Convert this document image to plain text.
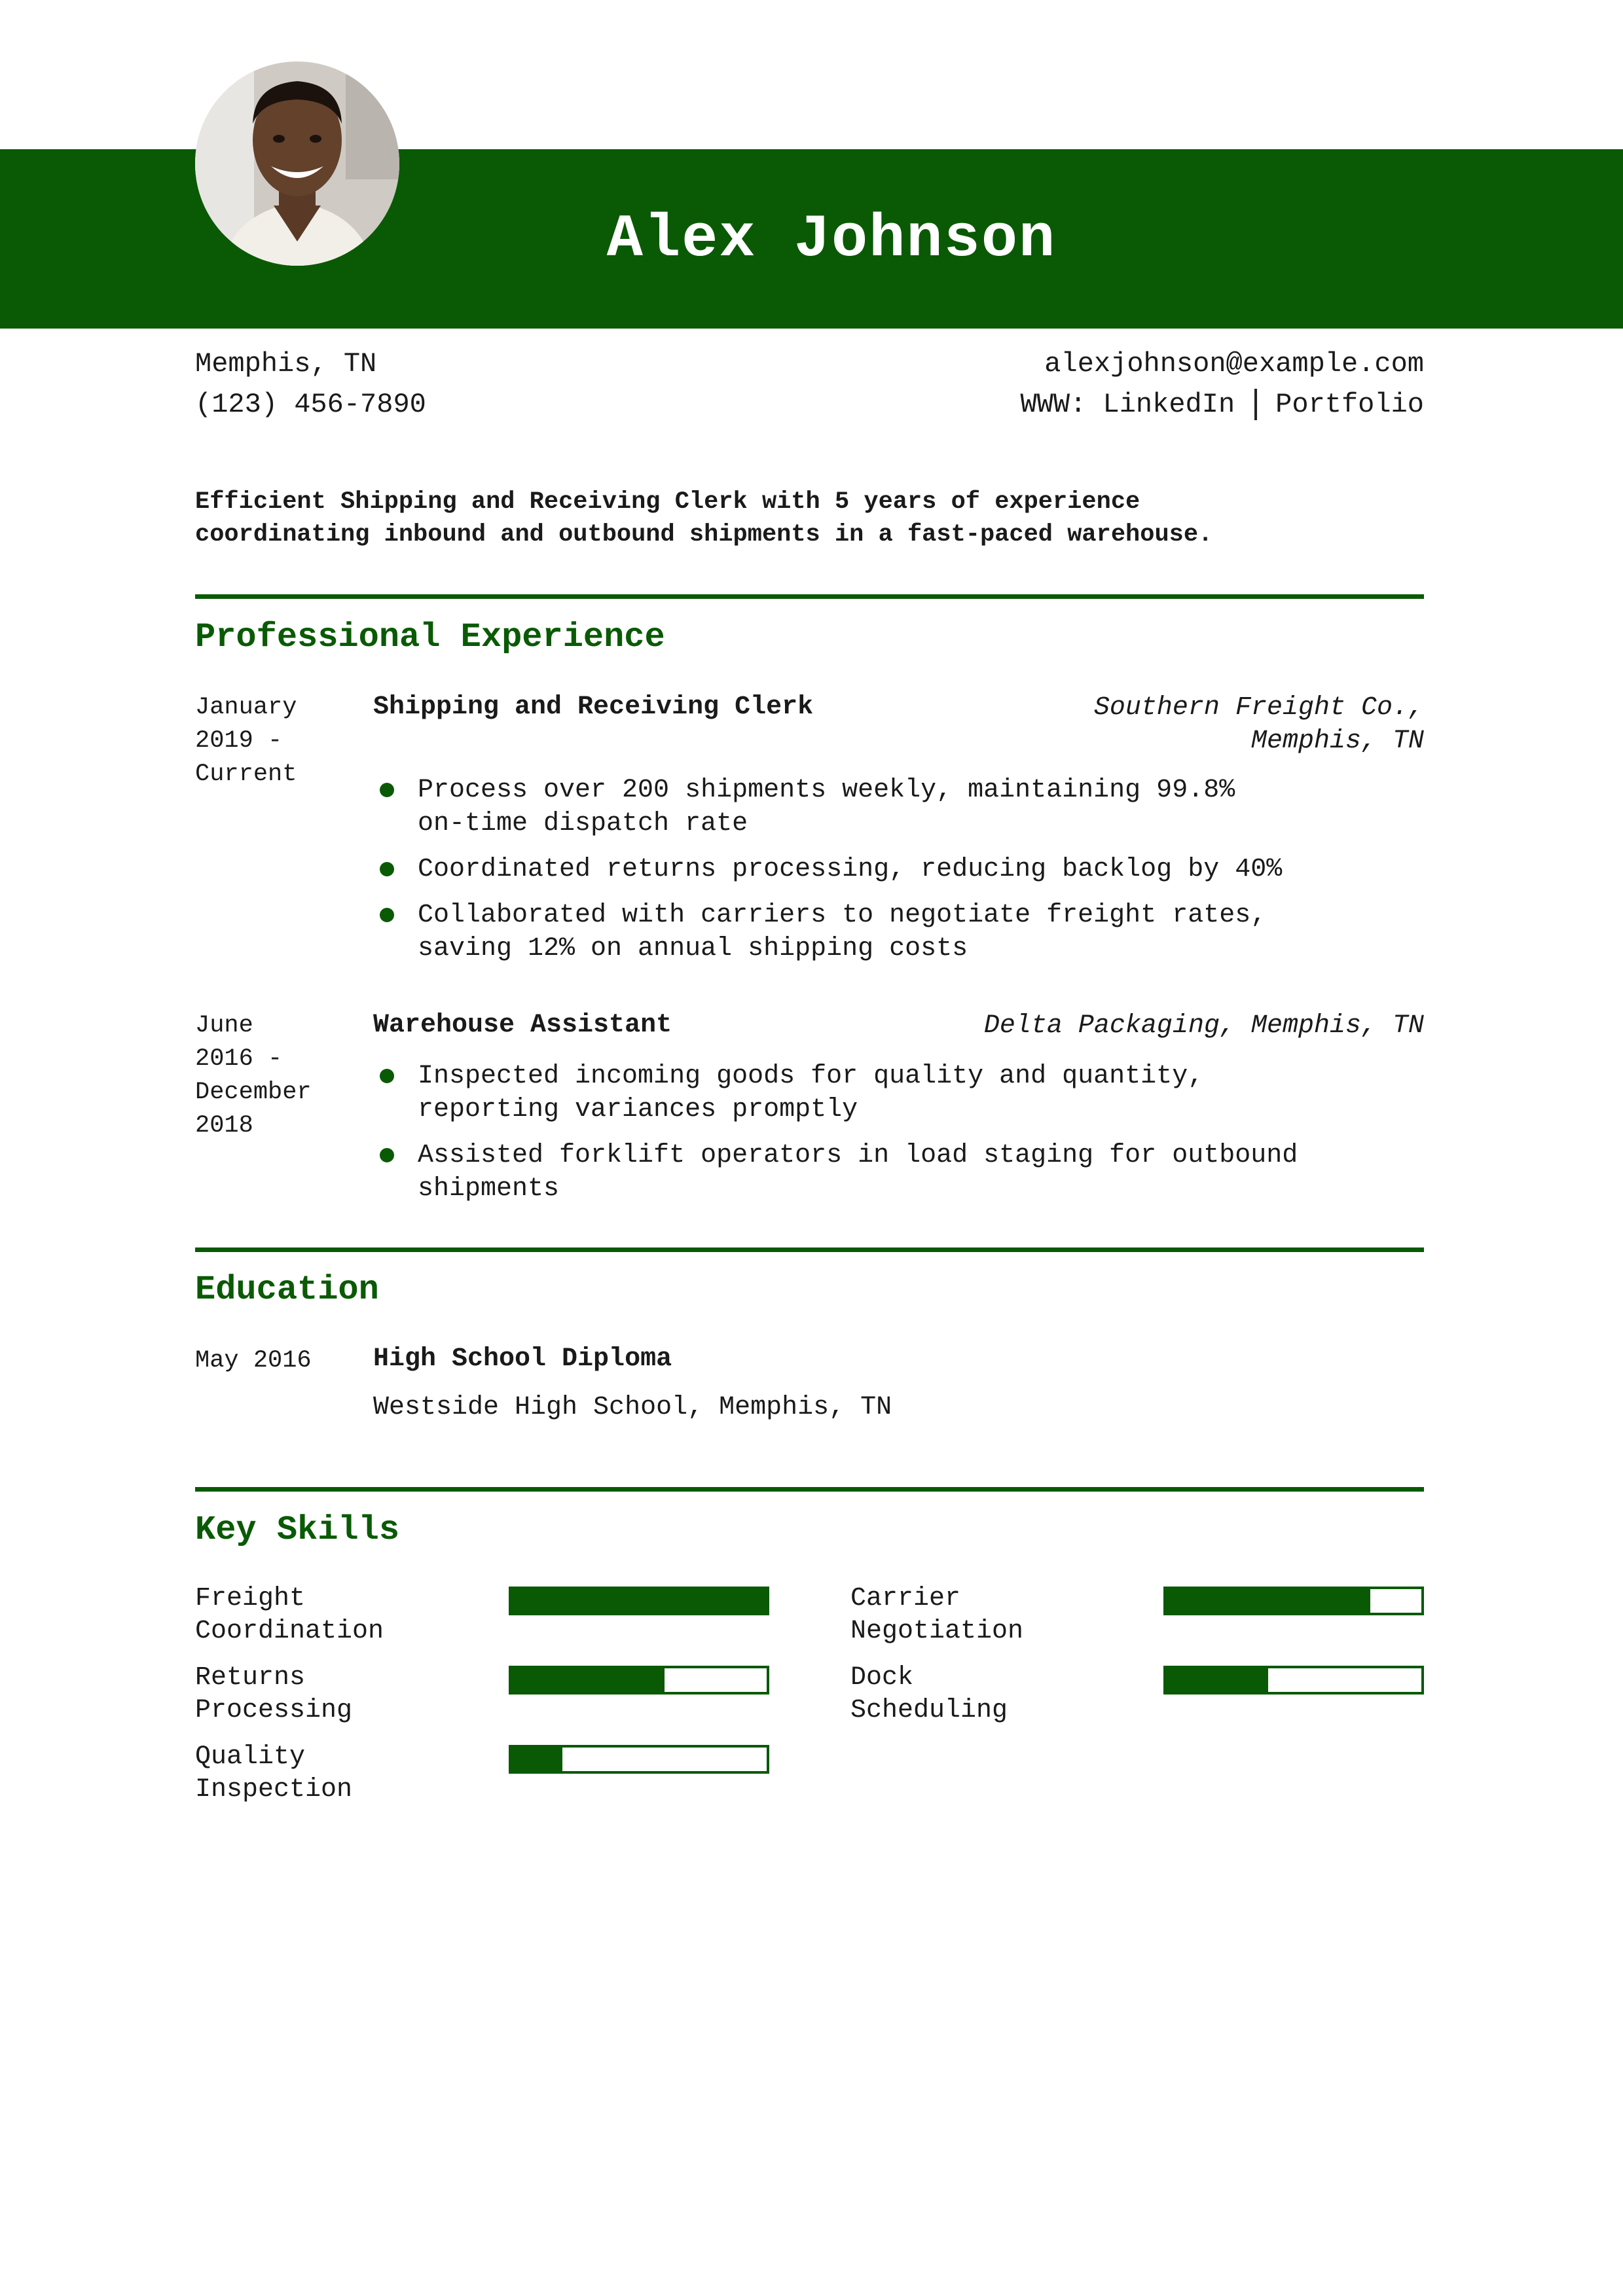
Alex Johnson
Memphis, TN
(123) 456-7890
alexjohnson@example.com
WWW: LinkedIn Portfolio
Efficient Shipping and Receiving Clerk with 5 years of experience
coordinating inbound and outbound shipments in a fast-paced warehouse.
Professional Experience
January
2019 -
Current
Shipping and Receiving Clerk	Southern Freight Co.,
Memphis, TN
Process over 200 shipments weekly, maintaining 99.8%
on-time dispatch rate
Coordinated returns processing, reducing backlog by 40%
Collaborated with carriers to negotiate freight rates,
saving 12% on annual shipping costs
June
2016 -
December
2018
Warehouse Assistant	Delta Packaging, Memphis, TN
Inspected incoming goods for quality and quantity,
reporting variances promptly
Assisted forklift operators in load staging for outbound
shipments
Education
May 2016	High School Diploma
Westside High School, Memphis, TN
Key Skills
Freight
Coordination
Carrier
Negotiation
Returns
Processing
Dock
Scheduling
Quality
Inspection
